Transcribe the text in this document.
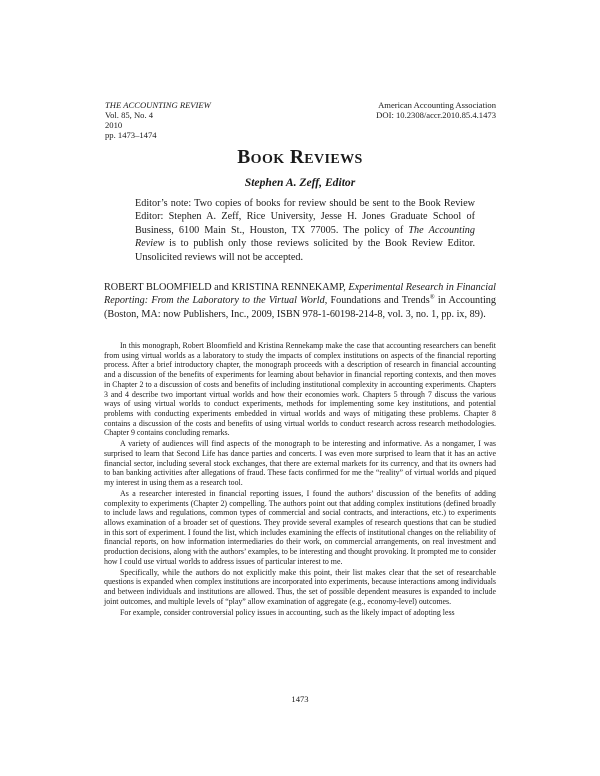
THE ACCOUNTING REVIEW
Vol. 85, No. 4
2010
pp. 1473–1474
American Accounting Association
DOI: 10.2308/accr.2010.85.4.1473
Book Reviews
Stephen A. Zeff, Editor
Editor’s note: Two copies of books for review should be sent to the Book Review Editor: Stephen A. Zeff, Rice University, Jesse H. Jones Graduate School of Business, 6100 Main St., Houston, TX 77005. The policy of The Accounting Review is to publish only those reviews solicited by the Book Review Editor. Unsolicited reviews will not be accepted.
ROBERT BLOOMFIELD and KRISTINA RENNEKAMP, Experimental Research in Financial Reporting: From the Laboratory to the Virtual World, Foundations and Trends® in Accounting (Boston, MA: now Publishers, Inc., 2009, ISBN 978-1-60198-214-8, vol. 3, no. 1, pp. ix, 89).

In this monograph, Robert Bloomfield and Kristina Rennekamp make the case that accounting researchers can benefit from using virtual worlds as a laboratory to study the impacts of complex institutions on aspects of the financial reporting process. After a brief introductory chapter, the monograph proceeds with a description of research in financial accounting and a discussion of the benefits of experiments for learning about behavior in financial reporting contexts, and then moves in Chapter 2 to a discussion of costs and benefits of including institutional complexity in accounting experiments. Chapters 3 and 4 describe two important virtual worlds and how their economies work. Chapters 5 through 7 discuss the various ways of using virtual worlds to conduct experiments, methods for implementing some key institutions, and potential problems with conducting experiments embedded in virtual worlds and ways of mitigating these problems. Chapter 8 contains a discussion of the costs and benefits of using virtual worlds to conduct research across research methodologies. Chapter 9 contains concluding remarks.

A variety of audiences will find aspects of the monograph to be interesting and informative. As a nongamer, I was surprised to learn that Second Life has dance parties and concerts. I was even more surprised to learn that it has an active financial sector, including several stock exchanges, that there are external markets for its currency, and that its owners had to ban banking activities after allegations of fraud. These facts confirmed for me the “reality” of virtual worlds and piqued my interest in using them as a research tool.

As a researcher interested in financial reporting issues, I found the authors’ discussion of the benefits of adding complexity to experiments (Chapter 2) compelling. The authors point out that adding complex institutions (defined broadly to include laws and regulations, common types of commercial and social contracts, and interactions, etc.) to experiments allows examination of a broader set of questions. They provide several examples of research questions that can be studied in this sort of experiment. I found the list, which includes examining the effects of institutional changes on the reliability of financial reports, on how information intermediaries do their work, on commercial arrangements, on real investment and production decisions, along with the authors’ examples, to be interesting and thought provoking. It prompted me to consider how I could use virtual worlds to address issues of particular interest to me.

Specifically, while the authors do not explicitly make this point, their list makes clear that the set of researchable questions is expanded when complex institutions are incorporated into experiments, because interactions among individuals and between individuals and institutions are allowed. Thus, the set of possible dependent measures is expanded to include joint outcomes, and multiple levels of “play” allow examination of aggregate (e.g., economy-level) outcomes.

For example, consider controversial policy issues in accounting, such as the likely impact of adopting less

1473
